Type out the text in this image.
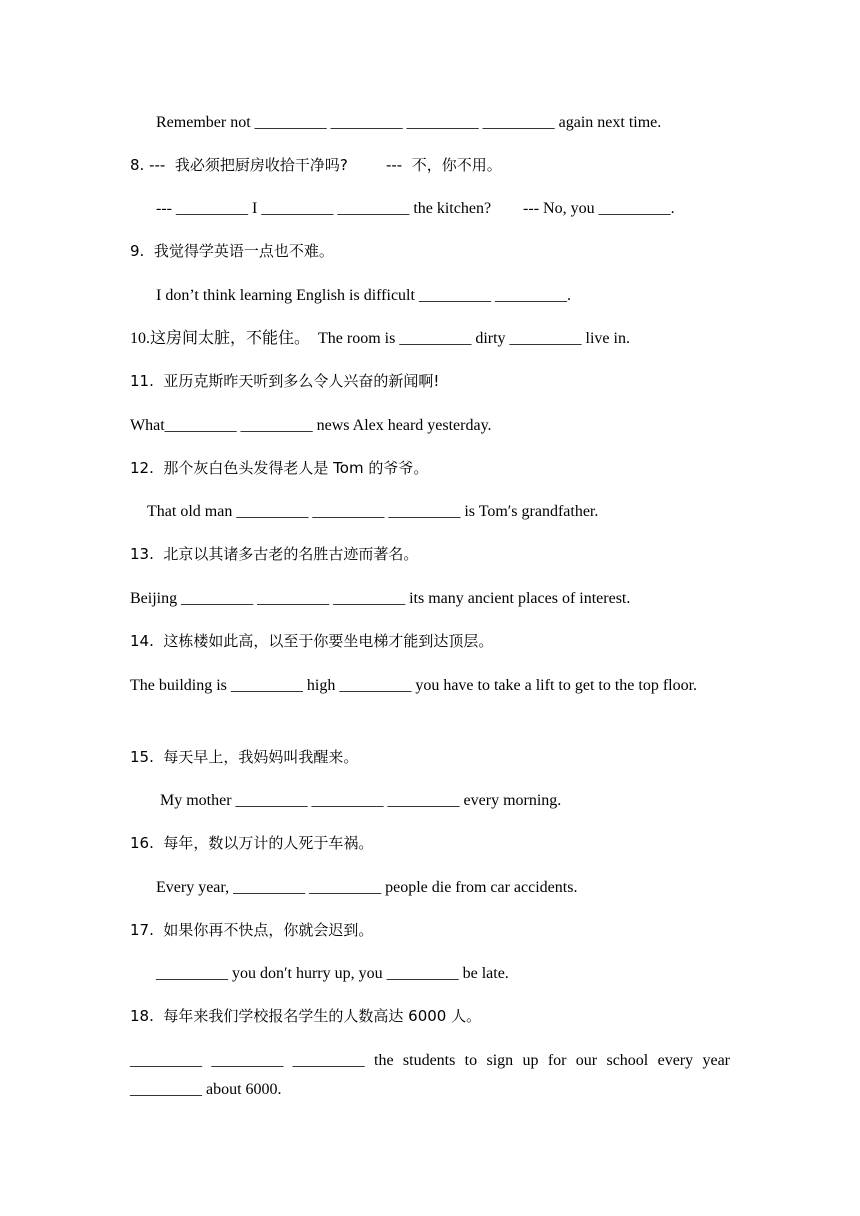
Remember not _________ _________ _________ _________ again next time.
8. ---  我必须把厨房收拾干净吗?        ---  不，你不用。
--- _________ I _________ _________ the kitchen?        --- No, you _________.
9.  我觉得学英语一点也不难。
I don’t think learning English is difficult _________ _________.
10.这房间太脏，不能住。  The room is _________ dirty _________ live in.
11.  亚历克斯昨天听到多么令人兴奋的新闻啊!
What_________ _________ news Alex heard yesterday.
12.  那个灰白色头发得老人是 Tom 的爷爷。
That old man _________ _________ _________ is Tom′s grandfather.
13.  北京以其诸多古老的名胜古迹而著名。
Beijing _________ _________ _________ its many ancient places of interest.
14.  这栋楼如此高，以至于你要坐电梯才能到达顶层。
The building is _________ high _________ you have to take a lift to get to the top floor.
15.  每天早上，我妈妈叫我醒来。
My mother _________ _________ _________ every morning.
16.  每年，数以万计的人死于车祸。
Every year, _________ _________ people die from car accidents.
17.  如果你再不快点，你就会迟到。
_________ you don′t hurry up, you _________ be late.
18.  每年来我们学校报名学生的人数高达 6000 人。
_________ _________ _________ the students to sign up for our school every year _________ about 6000.
